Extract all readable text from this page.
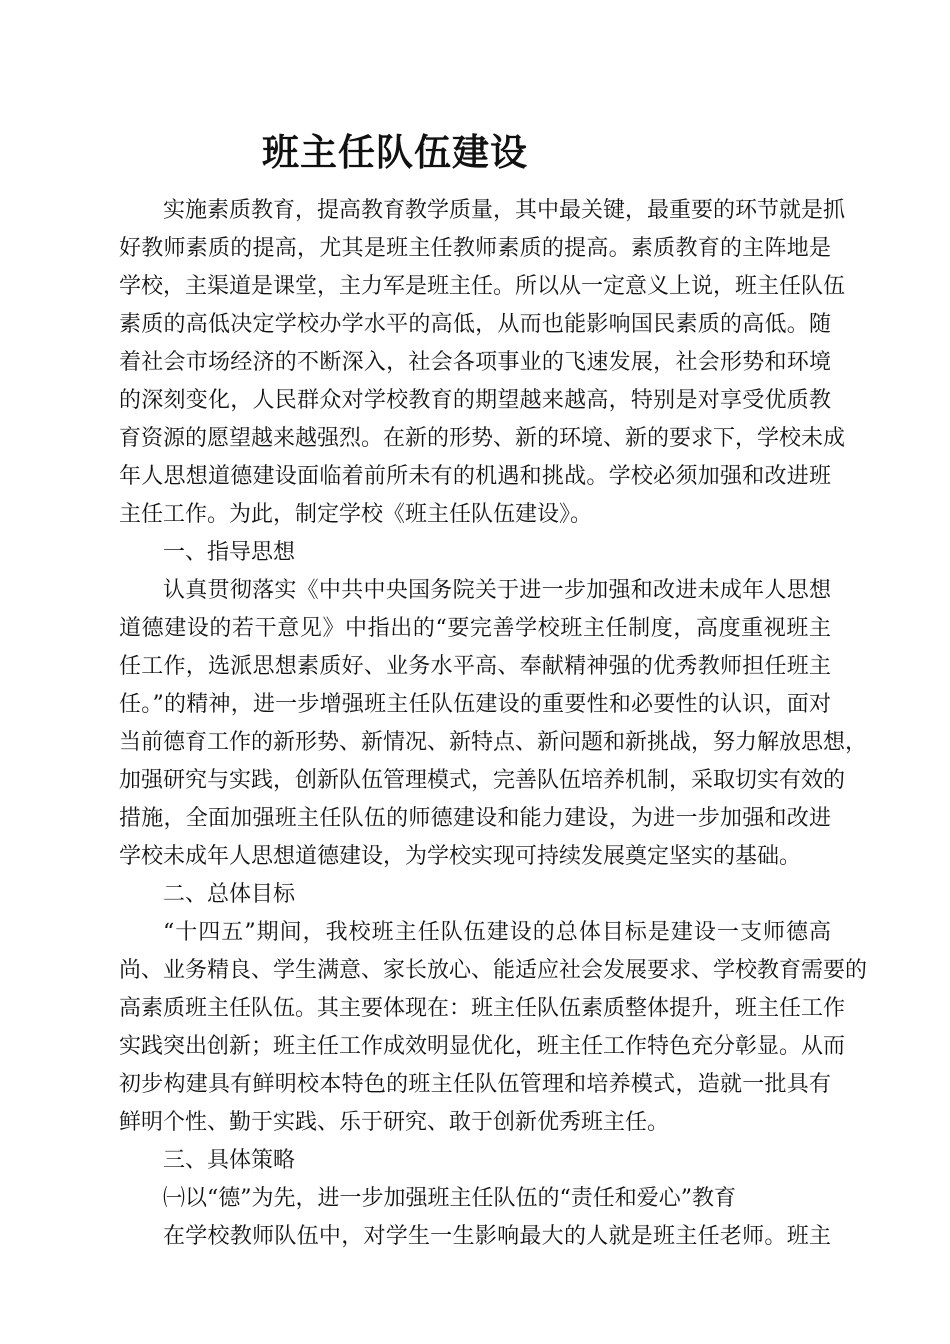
班主任队伍建设
实施素质教育，提高教育教学质量，其中最关键，最重要的环节就是抓
好教师素质的提高，尤其是班主任教师素质的提高。素质教育的主阵地是
学校，主渠道是课堂，主力军是班主任。所以从一定意义上说，班主任队伍
素质的高低决定学校办学水平的高低，从而也能影响国民素质的高低。随
着社会市场经济的不断深入，社会各项事业的飞速发展，社会形势和环境
的深刻变化，人民群众对学校教育的期望越来越高，特别是对享受优质教
育资源的愿望越来越强烈。在新的形势、新的环境、新的要求下，学校未成
年人思想道德建设面临着前所未有的机遇和挑战。学校必须加强和改进班
主任工作。为此，制定学校《班主任队伍建设》。
一、指导思想
认真贯彻落实《中共中央国务院关于进一步加强和改进未成年人思想
道德建设的若干意见》中指出的“要完善学校班主任制度，高度重视班主
任工作，选派思想素质好、业务水平高、奉献精神强的优秀教师担任班主
任。”的精神，进一步增强班主任队伍建设的重要性和必要性的认识，面对
当前德育工作的新形势、新情况、新特点、新问题和新挑战，努力解放思想，
加强研究与实践，创新队伍管理模式，完善队伍培养机制，采取切实有效的
措施，全面加强班主任队伍的师德建设和能力建设，为进一步加强和改进
学校未成年人思想道德建设，为学校实现可持续发展奠定坚实的基础。
二、总体目标
“十四五”期间，我校班主任队伍建设的总体目标是建设一支师德高
尚、业务精良、学生满意、家长放心、能适应社会发展要求、学校教育需要的
高素质班主任队伍。其主要体现在：班主任队伍素质整体提升，班主任工作
实践突出创新；班主任工作成效明显优化，班主任工作特色充分彰显。从而
初步构建具有鲜明校本特色的班主任队伍管理和培养模式，造就一批具有
鲜明个性、勤于实践、乐于研究、敢于创新优秀班主任。
三、具体策略
㈠以“德”为先，进一步加强班主任队伍的“责任和爱心”教育
在学校教师队伍中，对学生一生影响最大的人就是班主任老师。班主
